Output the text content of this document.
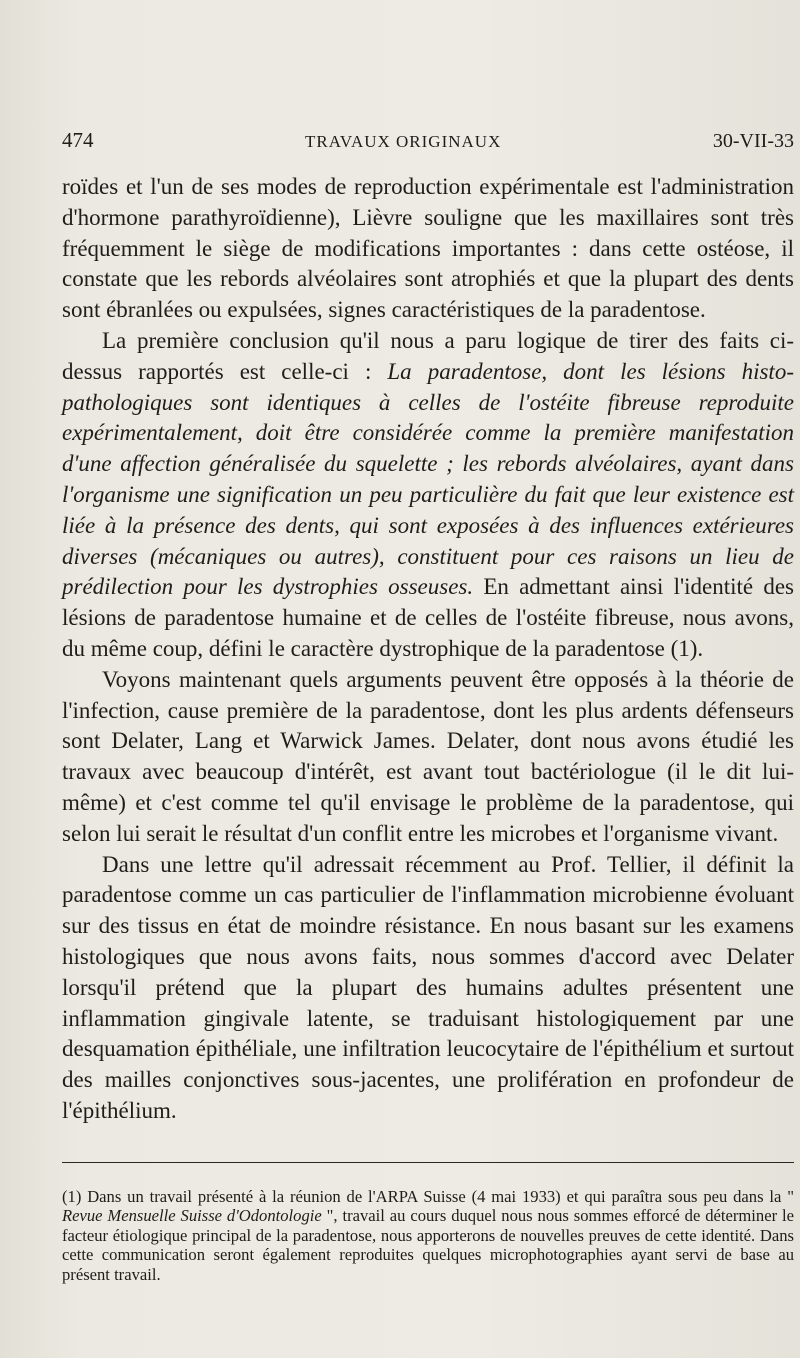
474	TRAVAUX ORIGINAUX	30-VII-33

roïdes et l'un de ses modes de reproduction expérimentale est l'administration d'hormone parathyroïdienne), Lièvre souligne que les maxillaires sont très fréquemment le siège de modifications importantes : dans cette ostéose, il constate que les rebords alvéolaires sont atrophiés et que la plupart des dents sont ébranlées ou expulsées, signes caractéristiques de la paradentose.

La première conclusion qu'il nous a paru logique de tirer des faits ci-dessus rapportés est celle-ci : La paradentose, dont les lésions histo-pathologiques sont identiques à celles de l'ostéite fibreuse reproduite expérimentalement, doit être considérée comme la première manifestation d'une affection généralisée du squelette ; les rebords alvéolaires, ayant dans l'organisme une signification un peu particulière du fait que leur existence est liée à la présence des dents, qui sont exposées à des influences extérieures diverses (mécaniques ou autres), constituent pour ces raisons un lieu de prédilection pour les dystrophies osseuses. En admettant ainsi l'identité des lésions de paradentose humaine et de celles de l'ostéite fibreuse, nous avons, du même coup, défini le caractère dystrophique de la paradentose (1).

Voyons maintenant quels arguments peuvent être opposés à la théorie de l'infection, cause première de la paradentose, dont les plus ardents défenseurs sont Delater, Lang et Warwick James. Delater, dont nous avons étudié les travaux avec beaucoup d'intérêt, est avant tout bactériologue (il le dit lui-même) et c'est comme tel qu'il envisage le problème de la paradentose, qui selon lui serait le résultat d'un conflit entre les microbes et l'organisme vivant.

Dans une lettre qu'il adressait récemment au Prof. Tellier, il définit la paradentose comme un cas particulier de l'inflammation microbienne évoluant sur des tissus en état de moindre résistance. En nous basant sur les examens histologiques que nous avons faits, nous sommes d'accord avec Delater lorsqu'il prétend que la plupart des humains adultes présentent une inflammation gingivale latente, se traduisant histologiquement par une desquamation épithéliale, une infiltration leucocytaire de l'épithélium et surtout des mailles conjonctives sous-jacentes, une prolifération en profondeur de l'épithélium.

(1) Dans un travail présenté à la réunion de l'ARPA Suisse (4 mai 1933) et qui paraîtra sous peu dans la " Revue Mensuelle Suisse d'Odontologie ", travail au cours duquel nous nous sommes efforcé de déterminer le facteur étiologique principal de la paradentose, nous apporterons de nouvelles preuves de cette identité. Dans cette communication seront également reproduites quelques microphotographies ayant servi de base au présent travail.
